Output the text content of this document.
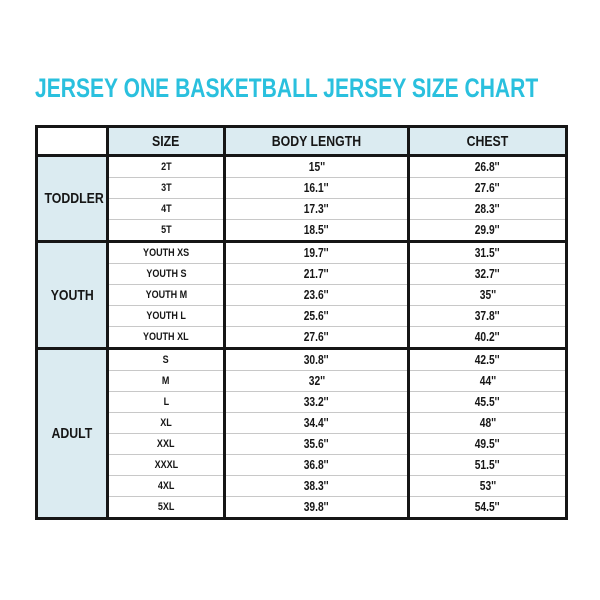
JERSEY ONE BASKETBALL JERSEY SIZE CHART
	SIZE	BODY LENGTH	CHEST
TODDLER	2T	15''	26.8''
	3T	16.1''	27.6''
	4T	17.3''	28.3''
	5T	18.5''	29.9''
YOUTH	YOUTH XS	19.7''	31.5''
	YOUTH S	21.7''	32.7''
	YOUTH M	23.6''	35''
	YOUTH L	25.6''	37.8''
	YOUTH XL	27.6''	40.2''
ADULT	S	30.8''	42.5''
	M	32''	44''
	L	33.2''	45.5''
	XL	34.4''	48''
	XXL	35.6''	49.5''
	XXXL	36.8''	51.5''
	4XL	38.3''	53''
	5XL	39.8''	54.5''
